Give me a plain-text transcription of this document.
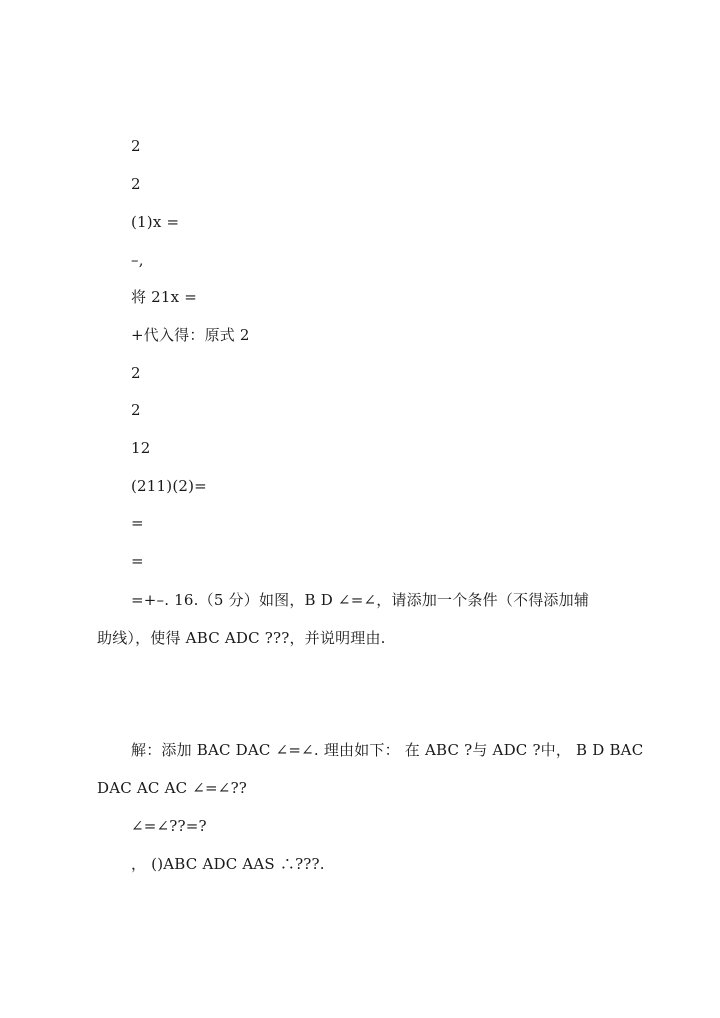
2
2
(1)x =
–,
将 21x =
+代入得：原式 2
2
2
12
(211)(2)=
=
=
=+–. 16.（5 分）如图，B D ∠=∠，请添加一个条件（不得添加辅
助线），使得 ABC ADC ???，并说明理由.
解：添加 BAC DAC ∠=∠. 理由如下： 在 ABC ?与 ADC ?中， B D BAC
DAC AC AC ∠=∠??
∠=∠??=?
， ()ABC ADC AAS ∴???.
